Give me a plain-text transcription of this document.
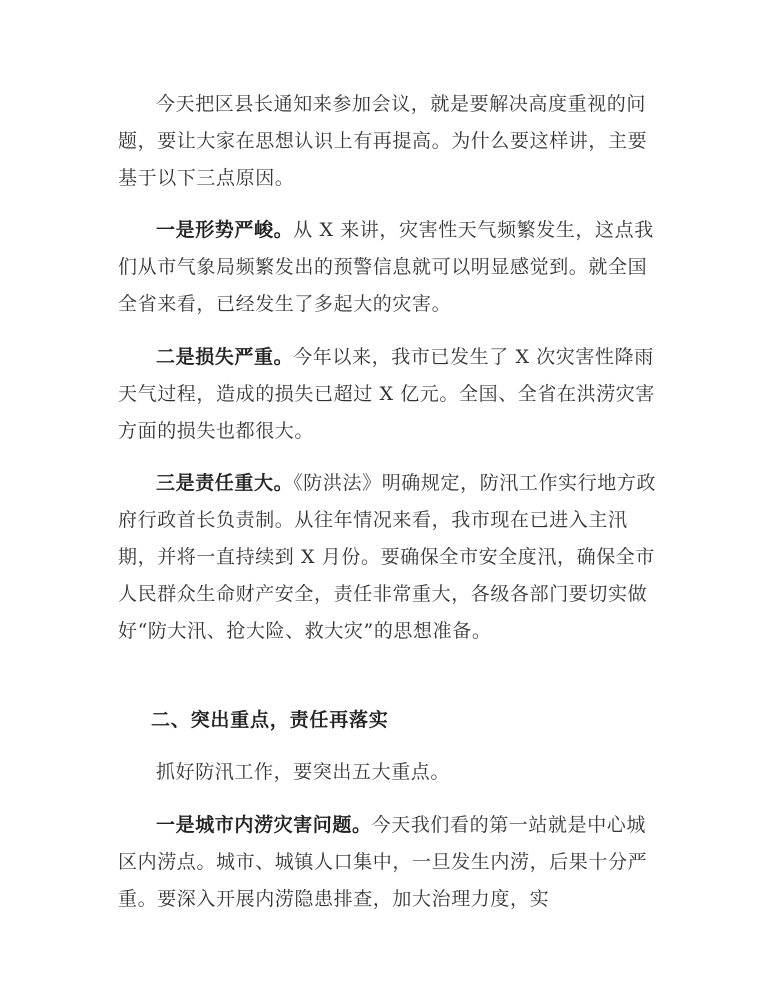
今天把区县长通知来参加会议，就是要解决高度重视的问题，要让大家在思想认识上有再提高。为什么要这样讲，主要基于以下三点原因。

一是形势严峻。从 X 来讲，灾害性天气频繁发生，这点我们从市气象局频繁发出的预警信息就可以明显感觉到。就全国全省来看，已经发生了多起大的灾害。

二是损失严重。今年以来，我市已发生了 X 次灾害性降雨天气过程，造成的损失已超过 X 亿元。全国、全省在洪涝灾害方面的损失也都很大。

三是责任重大。《防洪法》明确规定，防汛工作实行地方政府行政首长负责制。从往年情况来看，我市现在已进入主汛期，并将一直持续到 X 月份。要确保全市安全度汛，确保全市人民群众生命财产安全，责任非常重大，各级各部门要切实做好“防大汛、抢大险、救大灾”的思想准备。

二、突出重点，责任再落实

抓好防汛工作，要突出五大重点。

一是城市内涝灾害问题。今天我们看的第一站就是中心城区内涝点。城市、城镇人口集中，一旦发生内涝，后果十分严重。要深入开展内涝隐患排查，加大治理力度，实
